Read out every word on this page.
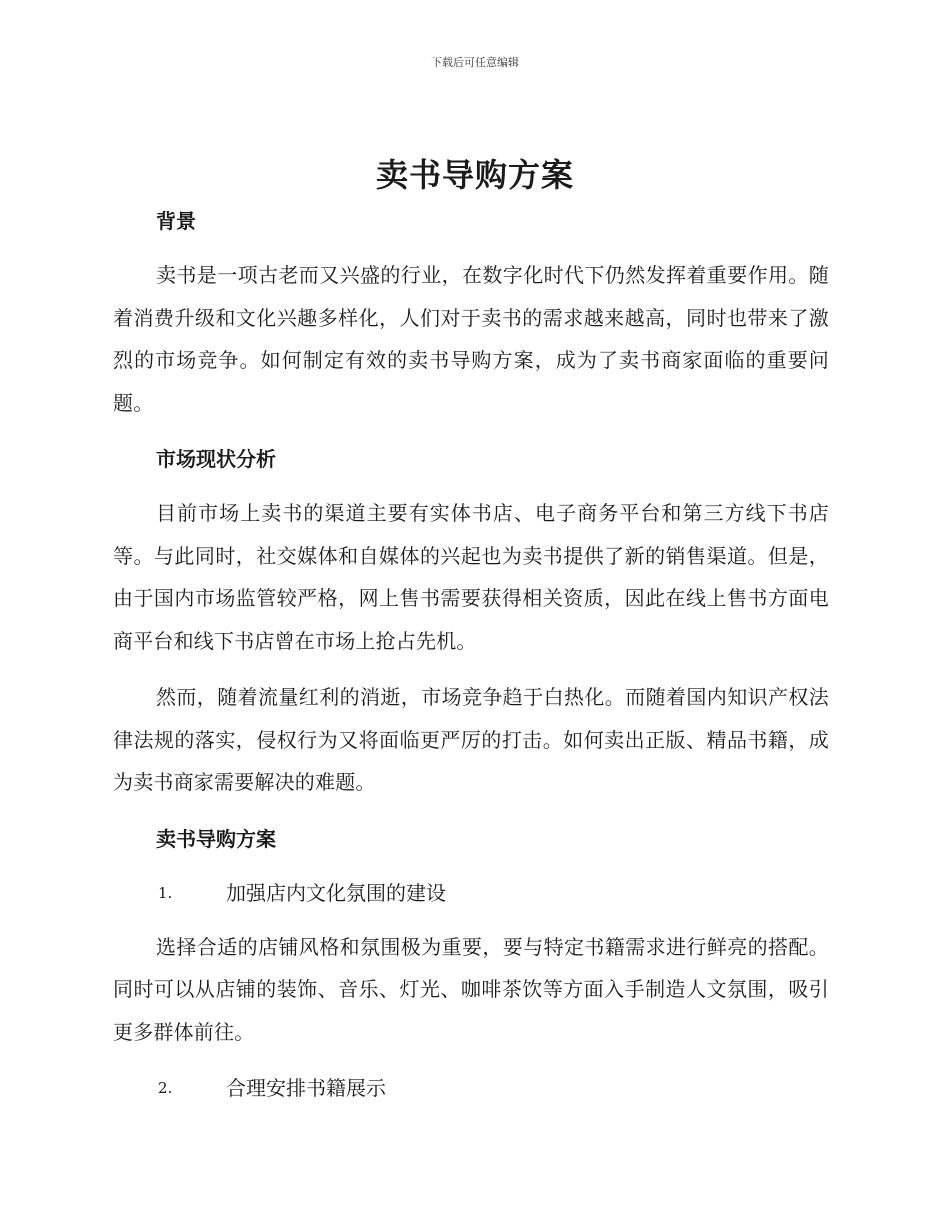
下载后可任意编辑
卖书导购方案
背景

卖书是一项古老而又兴盛的行业，在数字化时代下仍然发挥着重要作用。随着消费升级和文化兴趣多样化，人们对于卖书的需求越来越高，同时也带来了激烈的市场竞争。如何制定有效的卖书导购方案，成为了卖书商家面临的重要问题。

市场现状分析

目前市场上卖书的渠道主要有实体书店、电子商务平台和第三方线下书店等。与此同时，社交媒体和自媒体的兴起也为卖书提供了新的销售渠道。但是，由于国内市场监管较严格，网上售书需要获得相关资质，因此在线上售书方面电商平台和线下书店曾在市场上抢占先机。

然而，随着流量红利的消逝，市场竞争趋于白热化。而随着国内知识产权法律法规的落实，侵权行为又将面临更严厉的打击。如何卖出正版、精品书籍，成为卖书商家需要解决的难题。

卖书导购方案
1.	加强店内文化氛围的建设

选择合适的店铺风格和氛围极为重要，要与特定书籍需求进行鲜亮的搭配。同时可以从店铺的装饰、音乐、灯光、咖啡茶饮等方面入手制造人文氛围，吸引更多群体前往。

2.	合理安排书籍展示
